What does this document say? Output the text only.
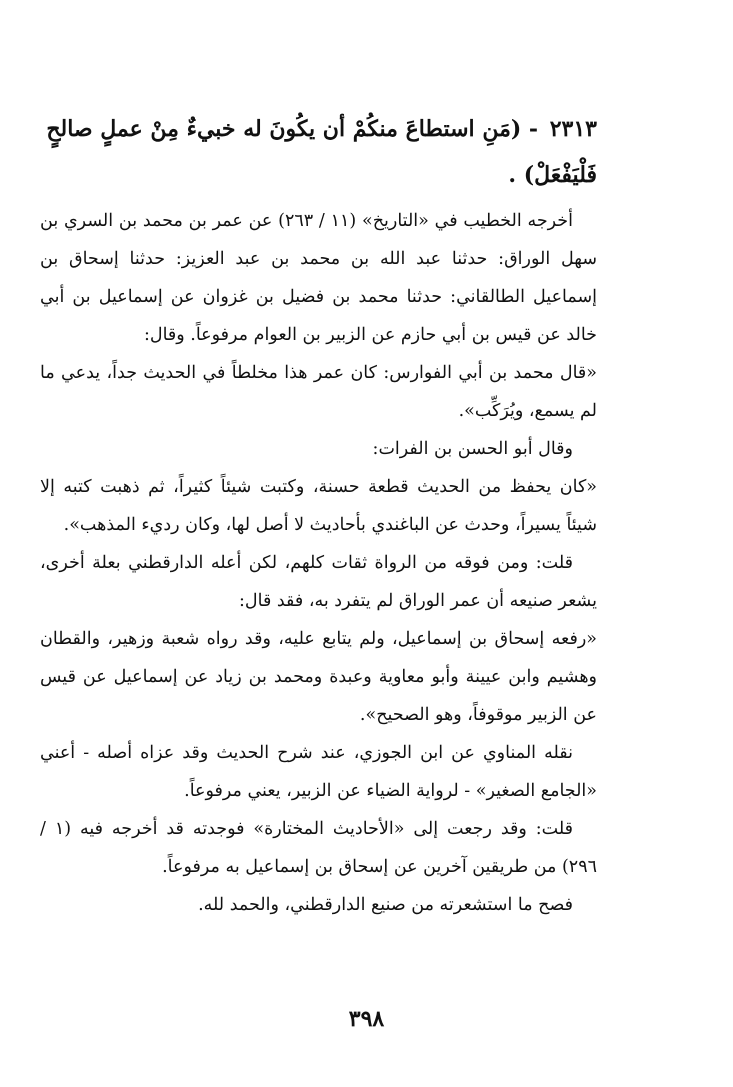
٢٣١٣ - (مَنِ استطاعَ منكُمْ أن يكُونَ له خبيءٌ مِنْ عملٍ صالحٍ فَلْيَفْعَلْ) .

أخرجه الخطيب في «التاريخ» (١١ / ٢٦٣) عن عمر بن محمد بن السري بن سهل الوراق: حدثنا عبد الله بن محمد بن عبد العزيز: حدثنا إسحاق بن إسماعيل الطالقاني: حدثنا محمد بن فضيل بن غزوان عن إسماعيل بن أبي خالد عن قيس بن أبي حازم عن الزبير بن العوام مرفوعاً. وقال:

«قال محمد بن أبي الفوارس: كان عمر هذا مخلطاً في الحديث جداً، يدعي ما لم يسمع، ويُرَكِّب».

وقال أبو الحسن بن الفرات:

«كان يحفظ من الحديث قطعة حسنة، وكتبت شيئاً كثيراً، ثم ذهبت كتبه إلا شيئاً يسيراً، وحدث عن الباغندي بأحاديث لا أصل لها، وكان رديء المذهب».

قلت: ومن فوقه من الرواة ثقات كلهم، لكن أعله الدارقطني بعلة أخرى، يشعر صنيعه أن عمر الوراق لم يتفرد به، فقد قال:

«رفعه إسحاق بن إسماعيل، ولم يتابع عليه، وقد رواه شعبة وزهير، والقطان وهشيم وابن عيينة وأبو معاوية وعبدة ومحمد بن زياد عن إسماعيل عن قيس عن الزبير موقوفاً، وهو الصحيح».

نقله المناوي عن ابن الجوزي، عند شرح الحديث وقد عزاه أصله - أعني «الجامع الصغير» - لرواية الضياء عن الزبير، يعني مرفوعاً.

قلت: وقد رجعت إلى «الأحاديث المختارة» فوجدته قد أخرجه فيه (١ / ٢٩٦) من طريقين آخرين عن إسحاق بن إسماعيل به مرفوعاً.

فصح ما استشعرته من صنيع الدارقطني، والحمد لله.

٣٩٨
